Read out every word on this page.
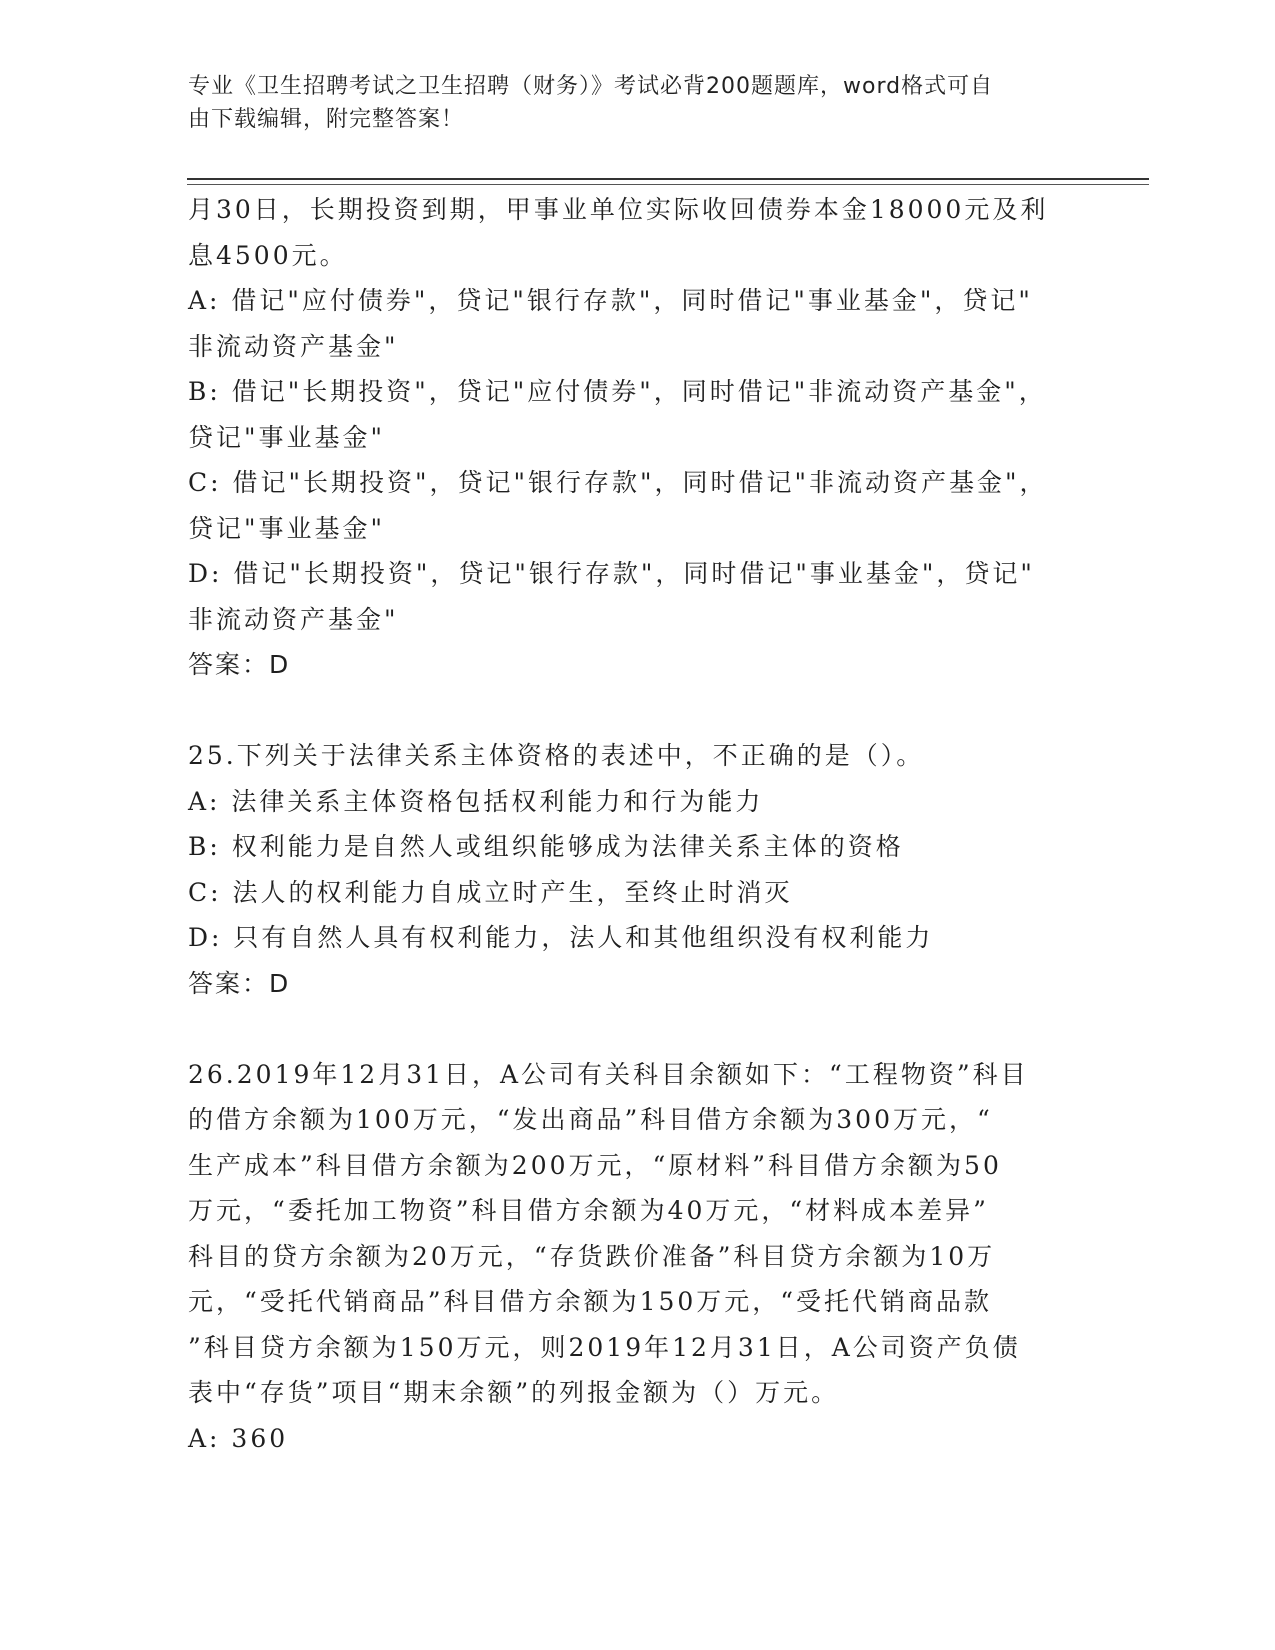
专业《卫生招聘考试之卫生招聘（财务）》考试必背200题题库，word格式可自
由下载编辑，附完整答案！
月30日，长期投资到期，甲事业单位实际收回债券本金18000元及利
息4500元。
A: 借记"应付债券"，贷记"银行存款"，同时借记"事业基金"，贷记"
非流动资产基金"
B: 借记"长期投资"，贷记"应付债券"，同时借记"非流动资产基金"，
贷记"事业基金"
C: 借记"长期投资"，贷记"银行存款"，同时借记"非流动资产基金"，
贷记"事业基金"
D: 借记"长期投资"，贷记"银行存款"，同时借记"事业基金"，贷记"
非流动资产基金"
答案：D
25.下列关于法律关系主体资格的表述中，不正确的是（）。
A: 法律关系主体资格包括权利能力和行为能力
B: 权利能力是自然人或组织能够成为法律关系主体的资格
C: 法人的权利能力自成立时产生，至终止时消灭
D: 只有自然人具有权利能力，法人和其他组织没有权利能力
答案：D
26.2019年12月31日，A公司有关科目余额如下：“工程物资”科目
的借方余额为100万元，“发出商品”科目借方余额为300万元，“
生产成本”科目借方余额为200万元，“原材料”科目借方余额为50
万元，“委托加工物资”科目借方余额为40万元，“材料成本差异”
科目的贷方余额为20万元，“存货跌价准备”科目贷方余额为10万
元，“受托代销商品”科目借方余额为150万元，“受托代销商品款
”科目贷方余额为150万元，则2019年12月31日，A公司资产负债
表中“存货”项目“期末余额”的列报金额为（）万元。
A: 360
